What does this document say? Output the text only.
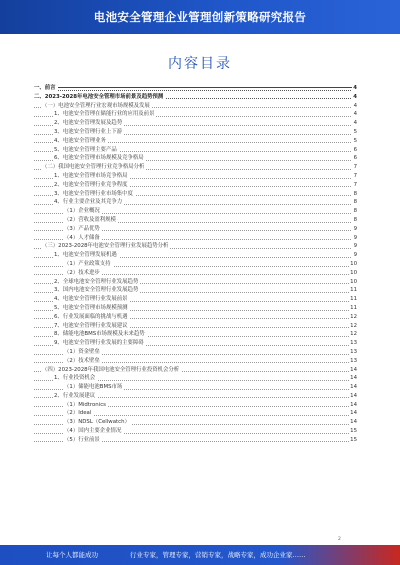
电池安全管理企业管理创新策略研究报告
内容目录
一、前言	4
二、2023-2028年电池安全管理市场前景及趋势预测	4
（一）电池安全管理行业宏观市场规模及发展	4
1、电池安全管理在储能行业的应用及前景	4
2、电池安全管理发展及趋势	4
3、电池安全管理行业上下游	5
4、电池安全管理业务	5
5、电池安全管理主要产品	6
6、电池安全管理市场规模及竞争格局	6
（二）我国电池安全管理行业竞争格局分析	7
1、电池安全管理市场竞争格局	7
2、电池安全管理行业竞争程度	7
3、电池安全管理行业市场集中度	8
4、行业主要企业及其竞争力	8
（1）企业概况	8
（2）营收及盈利规模	8
（3）产品优势	9
（4）人才储备	9
（三）2023-2028年电池安全管理行业发展趋势分析	9
1、电池安全管理发展机遇	9
（1）产业政策支持	10
（2）技术进步	10
2、全球电池安全管理行业发展趋势	10
3、国内电池安全管理行业发展趋势	11
4、电池安全管理行业发展前景	11
5、电池安全管理市场规模预测	11
6、行业发展面临的挑战与机遇	12
7、电池安全管理行业发展建议	12
8、储能电池BMS市场规模及未来趋势	12
9、电池安全管理行业发展的主要障碍	13
（1）资金壁垒	13
（2）技术壁垒	13
（四）2023-2028年我国电池安全管理行业投资机会分析	14
1、行业投资机会	14
（1）储能电池BMS市场	14
2、行业发展建议	14
（1）Midtronics	14
（2）Ideal	14
（3）NDSL（Cellwatch）	14
（4）国内主要企业情况	15
（5）行业前景	15
2
让每个人都能成功	行业专家，管理专家，营销专家，战略专家，成功企业家……
